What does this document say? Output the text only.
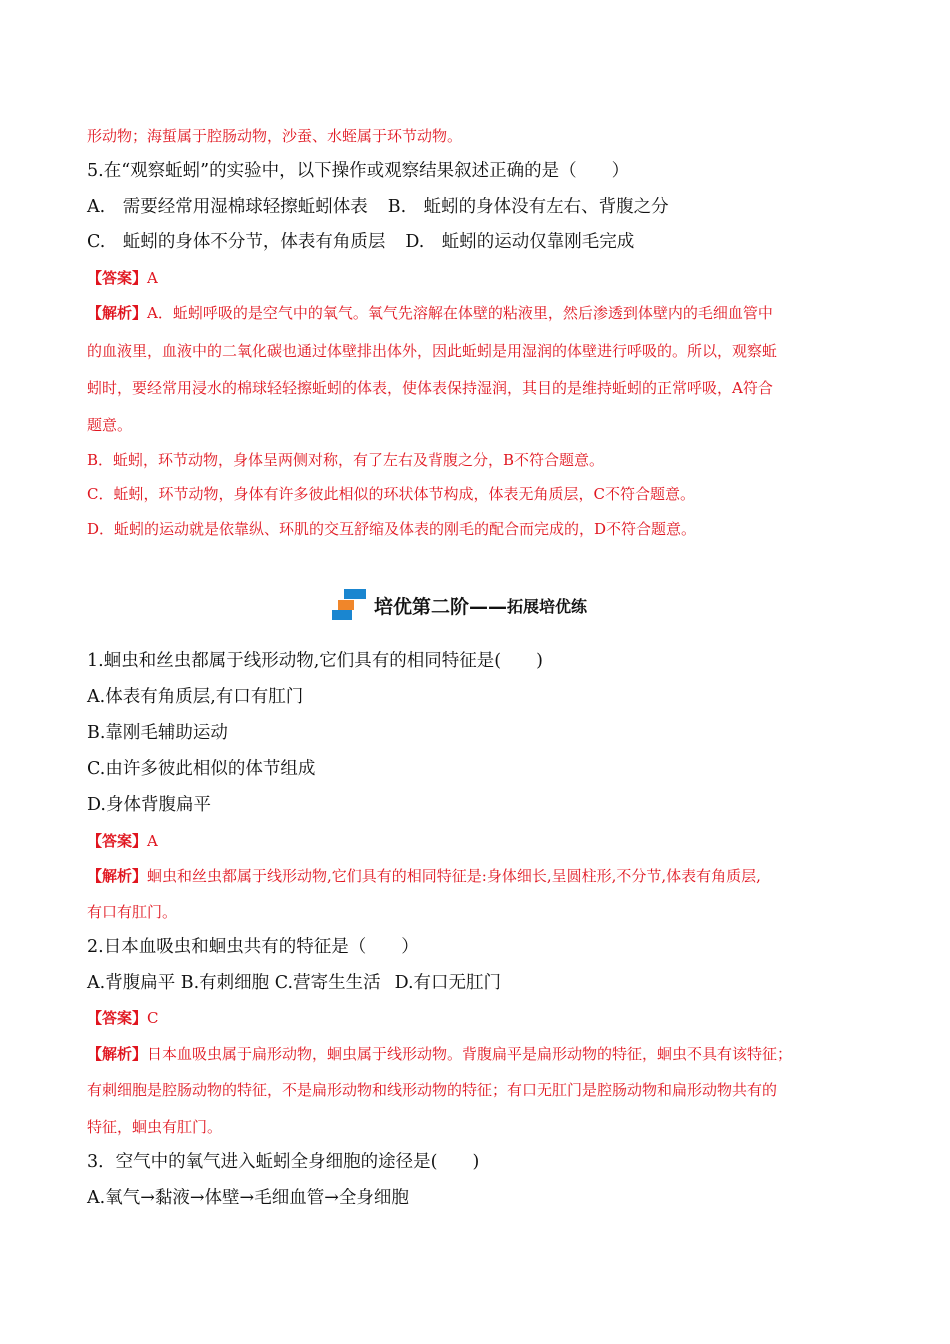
形动物；海蜇属于腔肠动物，沙蚕、水蛭属于环节动物。
5.在“观察蚯蚓”的实验中，以下操作或观察结果叙述正确的是（　　）
A.　需要经常用湿棉球轻擦蚯蚓体表 B.　蚯蚓的身体没有左右、背腹之分
C.　蚯蚓的身体不分节，体表有角质层 D.　蚯蚓的运动仅靠刚毛完成
【答案】A
【解析】A．蚯蚓呼吸的是空气中的氧气。氧气先溶解在体壁的粘液里，然后渗透到体壁内的毛细血管中
的血液里，血液中的二氧化碳也通过体壁排出体外，因此蚯蚓是用湿润的体壁进行呼吸的。所以，观察蚯
蚓时，要经常用浸水的棉球轻轻擦蚯蚓的体表，使体表保持湿润，其目的是维持蚯蚓的正常呼吸，A符合
题意。
B．蚯蚓，环节动物，身体呈两侧对称，有了左右及背腹之分，B不符合题意。
C．蚯蚓，环节动物，身体有许多彼此相似的环状体节构成，体表无角质层，C不符合题意。
D．蚯蚓的运动就是依靠纵、环肌的交互舒缩及体表的刚毛的配合而完成的，D不符合题意。
培优第二阶—— 拓展培优练
1.蛔虫和丝虫都属于线形动物,它们具有的相同特征是(　　)
A.体表有角质层,有口有肛门
B.靠刚毛辅助运动
C.由许多彼此相似的体节组成
D.身体背腹扁平
【答案】A
【解析】蛔虫和丝虫都属于线形动物,它们具有的相同特征是:身体细长,呈圆柱形,不分节,体表有角质层,
有口有肛门。
2.日本血吸虫和蛔虫共有的特征是（　　）
A.背腹扁平 B.有刺细胞 C.营寄生生活 D.有口无肛门
【答案】C
【解析】日本血吸虫属于扁形动物，蛔虫属于线形动物。背腹扁平是扁形动物的特征，蛔虫不具有该特征；
有刺细胞是腔肠动物的特征，不是扁形动物和线形动物的特征；有口无肛门是腔肠动物和扁形动物共有的
特征，蛔虫有肛门。
3．空气中的氧气进入蚯蚓全身细胞的途径是(　　)
A.氧气→黏液→体壁→毛细血管→全身细胞
